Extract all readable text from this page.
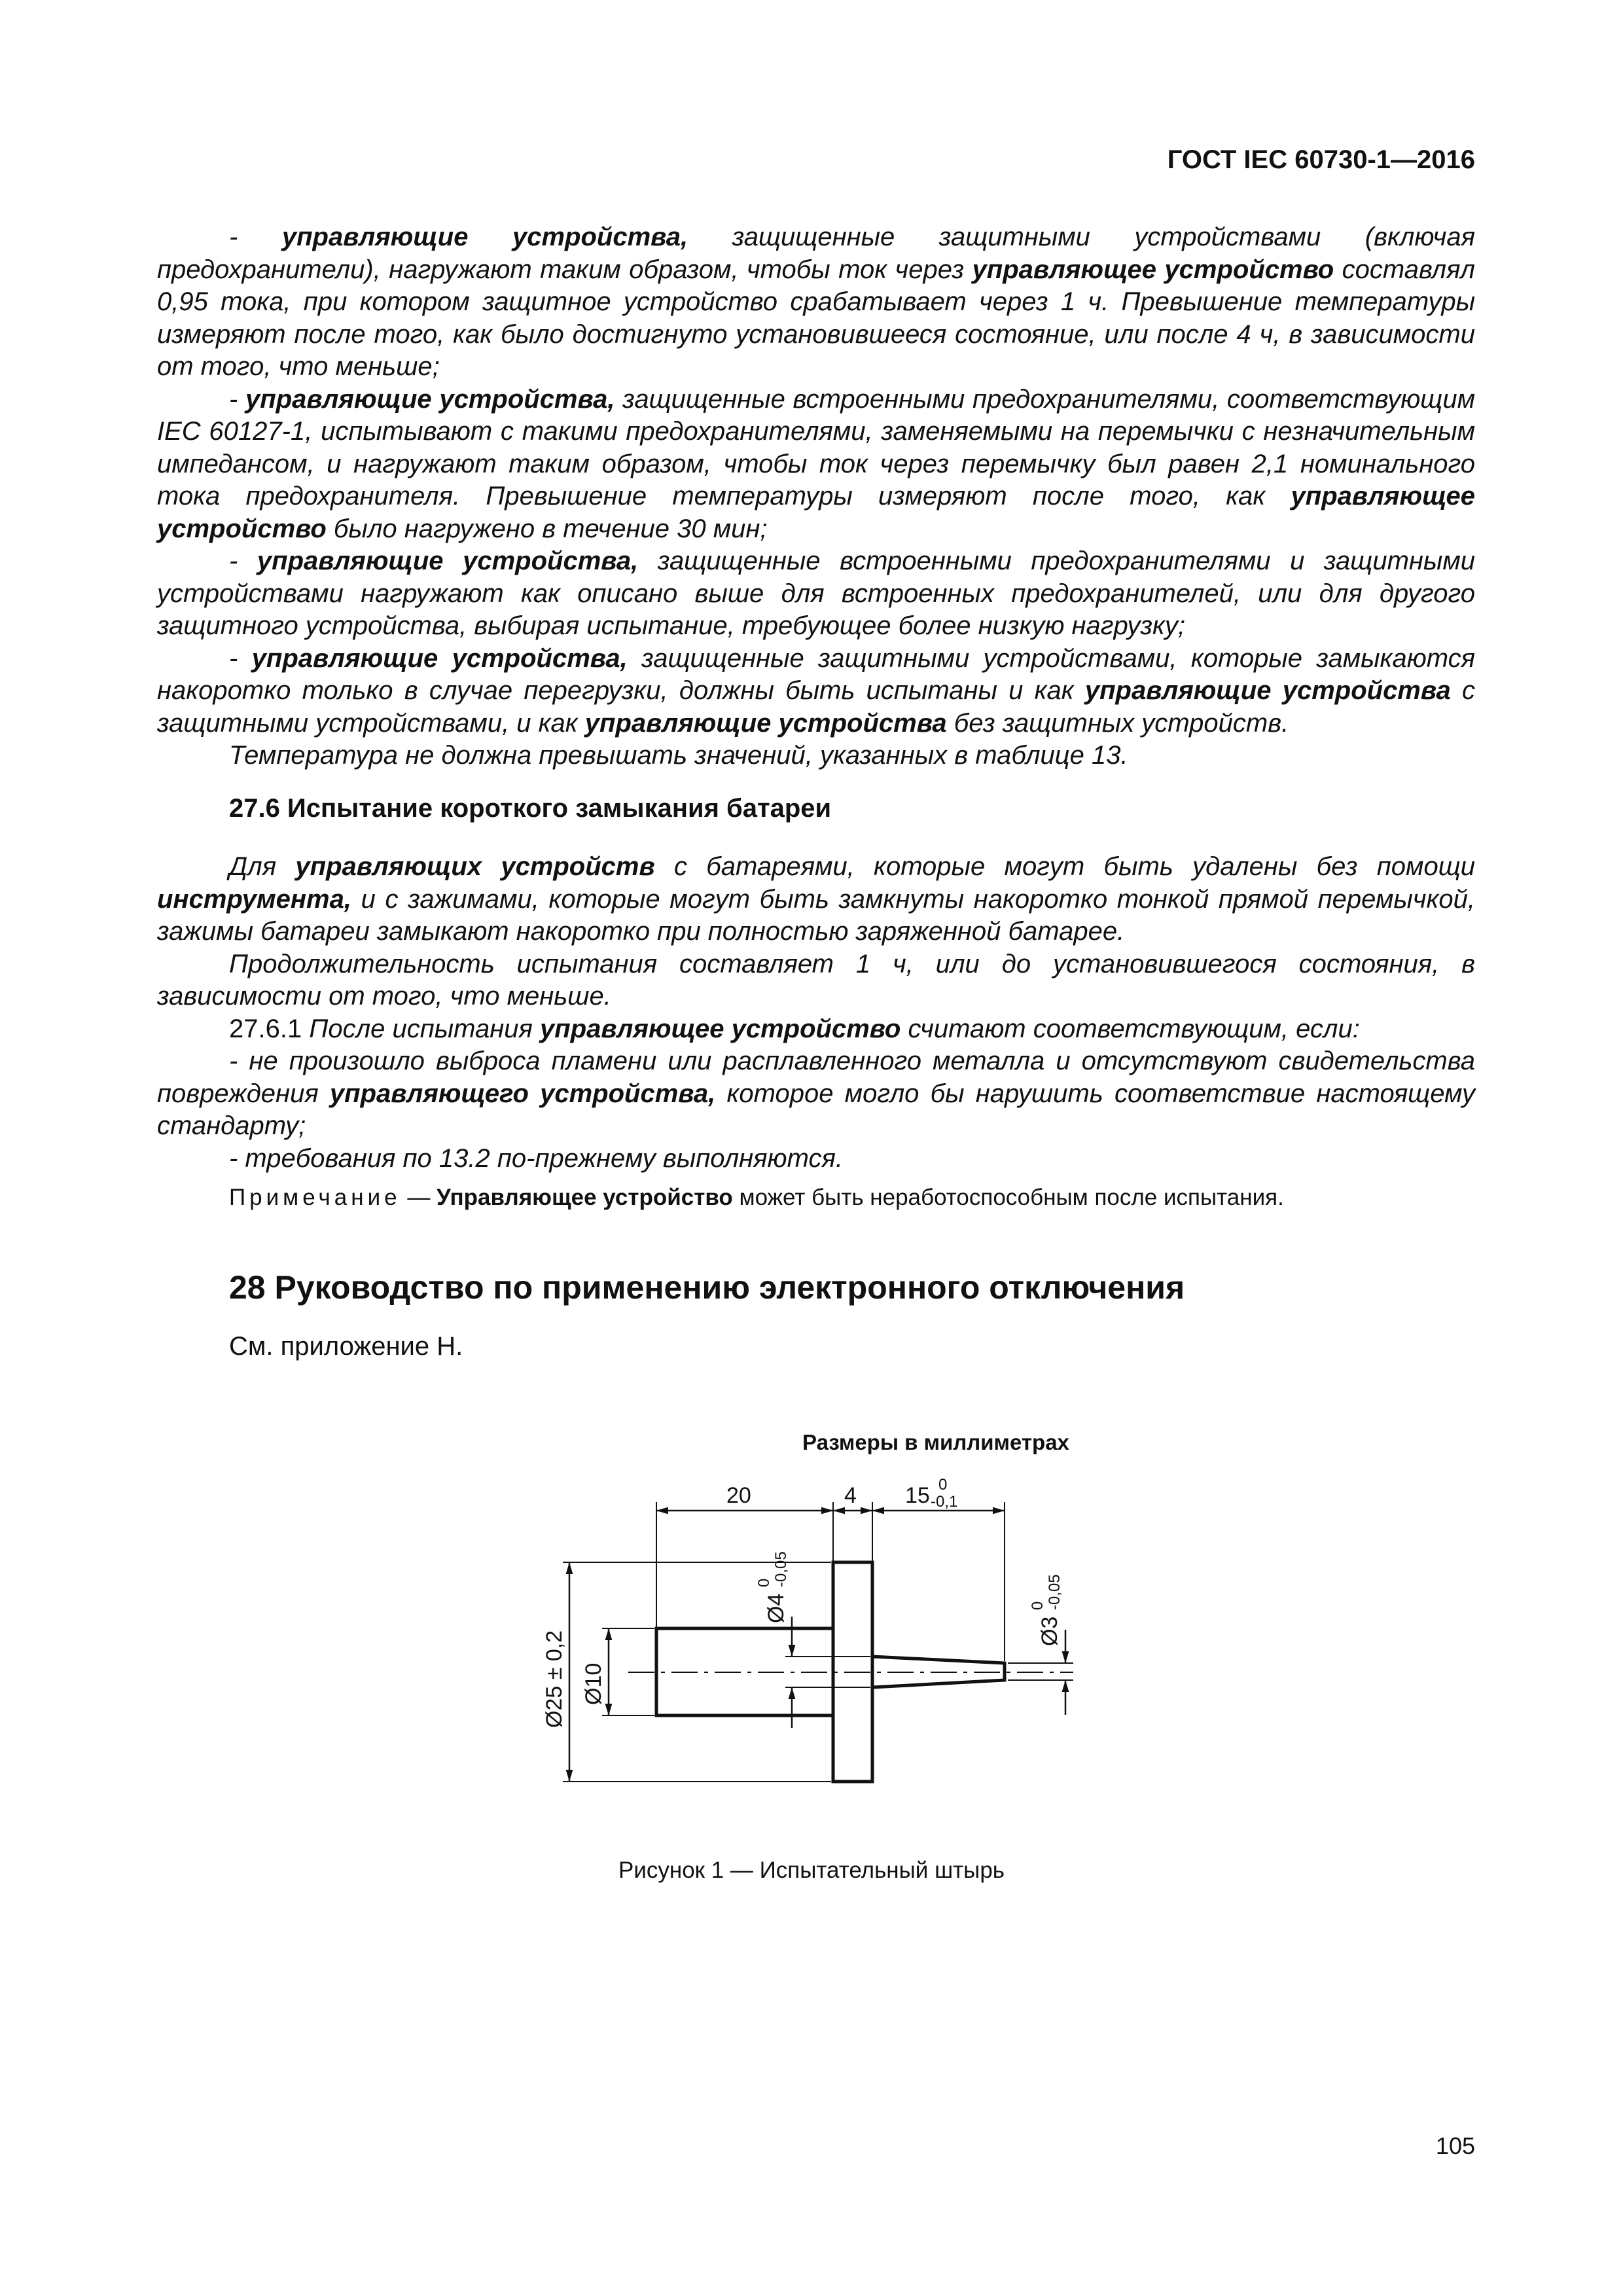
ГОСТ IEC 60730-1—2016

- управляющие устройства, защищенные защитными устройствами (включая предохранители), нагружают таким образом, чтобы ток через управляющее устройство составлял 0,95 тока, при котором защитное устройство срабатывает через 1 ч. Превышение температуры измеряют после того, как было достигнуто установившееся состояние, или после 4 ч, в зависимости от того, что меньше;

- управляющие устройства, защищенные встроенными предохранителями, соответствующим IEC 60127-1, испытывают с такими предохранителями, заменяемыми на перемычки с незначительным импедансом, и нагружают таким образом, чтобы ток через перемычку был равен 2,1 номинального тока предохранителя. Превышение температуры измеряют после того, как управляющее устройство было нагружено в течение 30 мин;

- управляющие устройства, защищенные встроенными предохранителями и защитными устройствами нагружают как описано выше для встроенных предохранителей, или для другого защитного устройства, выбирая испытание, требующее более низкую нагрузку;

- управляющие устройства, защищенные защитными устройствами, которые замыкаются накоротко только в случае перегрузки, должны быть испытаны и как управляющие устройства с защитными устройствами, и как управляющие устройства без защитных устройств.

Температура не должна превышать значений, указанных в таблице 13.

27.6 Испытание короткого замыкания батареи

Для управляющих устройств с батареями, которые могут быть удалены без помощи инструмента, и с зажимами, которые могут быть замкнуты накоротко тонкой прямой перемычкой, зажимы батареи замыкают накоротко при полностью заряженной батарее.

Продолжительность испытания составляет 1 ч, или до установившегося состояния, в зависимости от того, что меньше.

27.6.1 После испытания управляющее устройство считают соответствующим, если:

- не произошло выброса пламени или расплавленного металла и отсутствуют свидетельства повреждения управляющего устройства, которое могло бы нарушить соответствие настоящему стандарту;

- требования по 13.2 по-прежнему выполняются.

Примечание — Управляющее устройство может быть неработоспособным после испытания.
28 Руководство по применению электронного отключения
См. приложение Н.
Размеры в миллиметрах
20	4 15 0
-0,1
Ø4
0 -0,05
Ø3
0 -0,05
Ø25 ± 0,2 Ø10
Рисунок 1 — Испытательный штырь
105
